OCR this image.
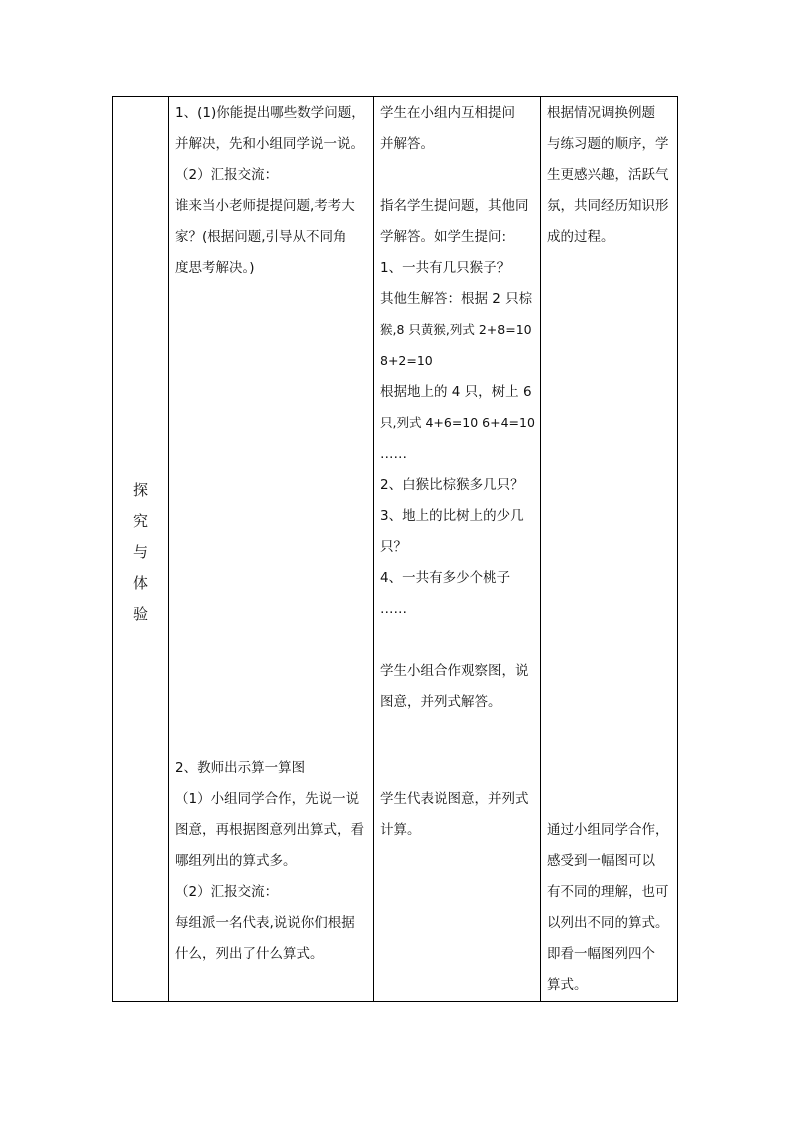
探
究
与
体
验
1、(1)你能提出哪些数学问题，
并解决，先和小组同学说一说。
（2）汇报交流：
谁来当小老师提提问题,考考大
家？(根据问题,引导从不同角
度思考解决。)
2、教师出示算一算图
（1）小组同学合作，先说一说
图意，再根据图意列出算式，看
哪组列出的算式多。
（2）汇报交流：
每组派一名代表,说说你们根据
什么，列出了什么算式。
学生在小组内互相提问
并解答。
指名学生提问题，其他同
学解答。如学生提问:
1、一共有几只猴子？
其他生解答：根据 2 只棕
猴,8 只黄猴,列式 2+8=10
8+2=10
根据地上的 4 只，树上 6
只,列式 4+6=10 6+4=10
……
2、白猴比棕猴多几只？
3、地上的比树上的少几
只？
4、一共有多少个桃子
……
学生小组合作观察图，说
图意，并列式解答。
学生代表说图意，并列式
计算。
根据情况调换例题
与练习题的顺序，学
生更感兴趣，活跃气
氛，共同经历知识形
成的过程。
通过小组同学合作，
感受到一幅图可以
有不同的理解，也可
以列出不同的算式。
即看一幅图列四个
算式。
